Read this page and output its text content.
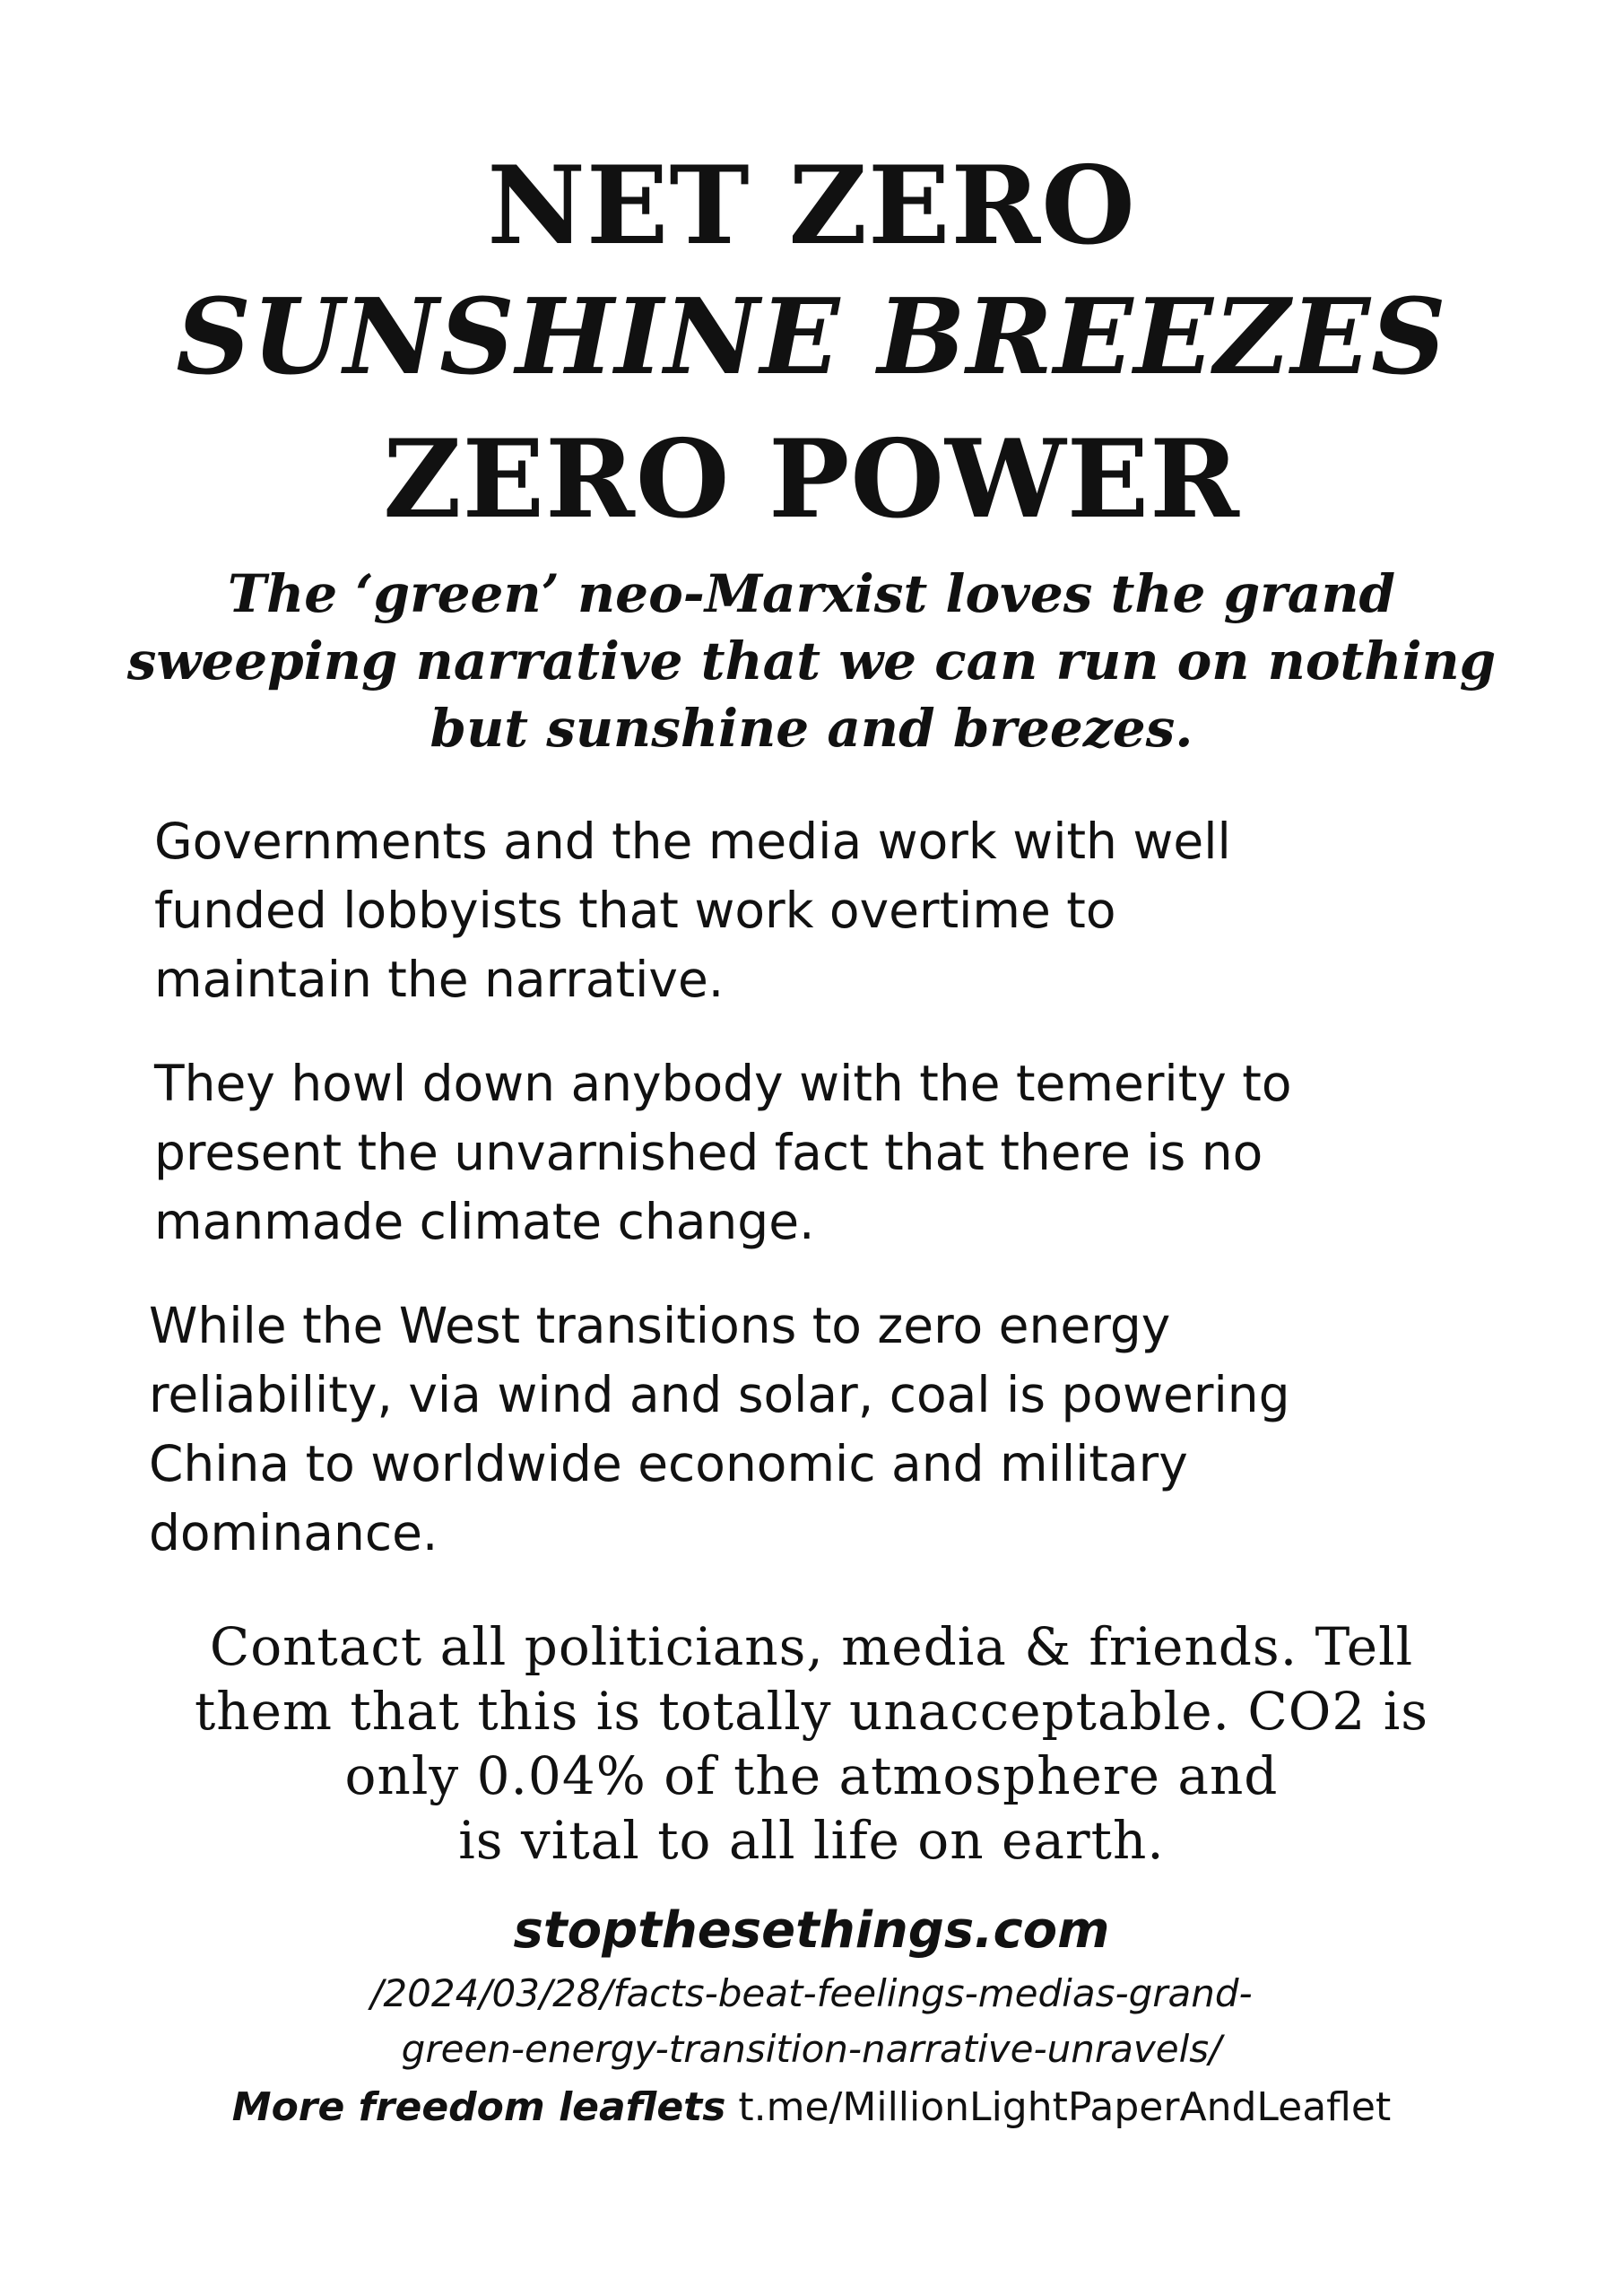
NET ZERO
SUNSHINE BREEZES
ZERO POWER
The ‘green’ neo-Marxist loves the grand
sweeping narrative that we can run on nothing
but sunshine and breezes.

Governments and the media work with well
funded lobbyists that work overtime to
maintain the narrative.

They howl down anybody with the temerity to
present the unvarnished fact that there is no
manmade climate change.

While the West transitions to zero energy
reliability, via wind and solar, coal is powering
China to worldwide economic and military
dominance.

Contact all politicians, media & friends. Tell
them that this is totally unacceptable. CO2 is
only 0.04% of the atmosphere and
is vital to all life on earth.
stopthesethings.com
/2024/03/28/facts-beat-feelings-medias-grand-
green-energy-transition-narrative-unravels/
More freedom leaflets t.me/MillionLightPaperAndLeaflet
